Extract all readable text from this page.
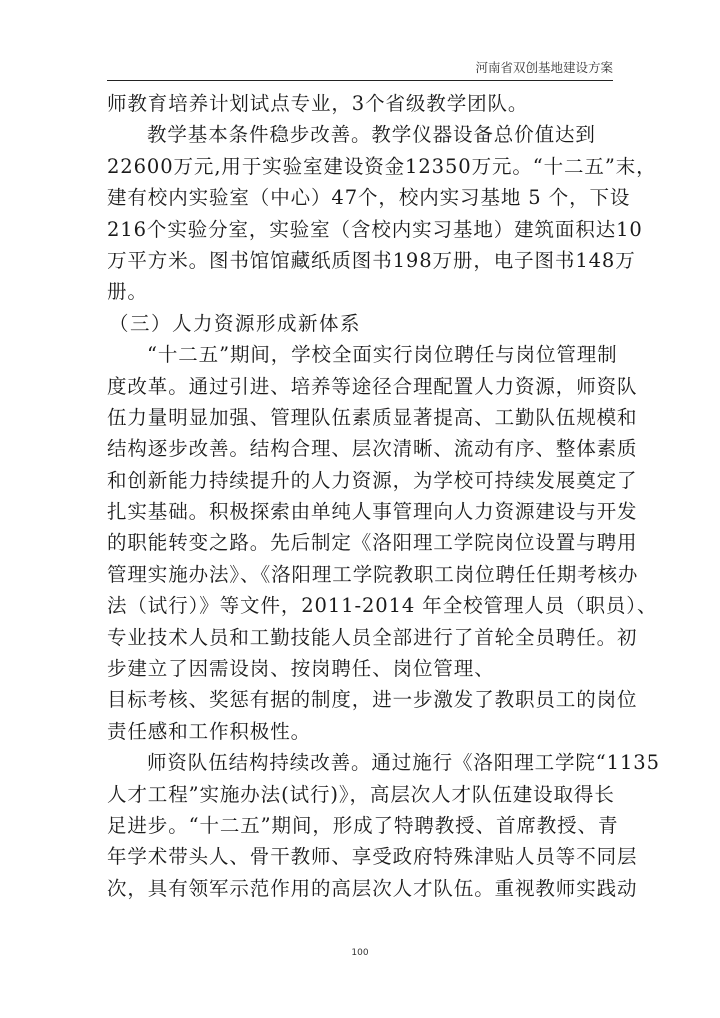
河南省双创基地建设方案
师教育培养计划试点专业，3个省级教学团队。
教学基本条件稳步改善。教学仪器设备总价值达到
22600万元,用于实验室建设资金12350万元。“十二五”末，
建有校内实验室（中心）47个，校内实习基地 5 个，下设
216个实验分室，实验室（含校内实习基地）建筑面积达10
万平方米。图书馆馆藏纸质图书198万册，电子图书148万
册。
（三）人力资源形成新体系
“十二五”期间，学校全面实行岗位聘任与岗位管理制
度改革。通过引进、培养等途径合理配置人力资源，师资队
伍力量明显加强、管理队伍素质显著提高、工勤队伍规模和
结构逐步改善。结构合理、层次清晰、流动有序、整体素质
和创新能力持续提升的人力资源，为学校可持续发展奠定了
扎实基础。积极探索由单纯人事管理向人力资源建设与开发
的职能转变之路。先后制定《洛阳理工学院岗位设置与聘用
管理实施办法》、《洛阳理工学院教职工岗位聘任任期考核办
法（试行）》等文件，2011-2014 年全校管理人员（职员）、
专业技术人员和工勤技能人员全部进行了首轮全员聘任。初
步建立了因需设岗、按岗聘任、岗位管理、
目标考核、奖惩有据的制度，进一步激发了教职员工的岗位
责任感和工作积极性。
师资队伍结构持续改善。通过施行《洛阳理工学院“1135
人才工程”实施办法(试行)》，高层次人才队伍建设取得长
足进步。“十二五”期间，形成了特聘教授、首席教授、青
年学术带头人、骨干教师、享受政府特殊津贴人员等不同层
次，具有领军示范作用的高层次人才队伍。重视教师实践动
100
